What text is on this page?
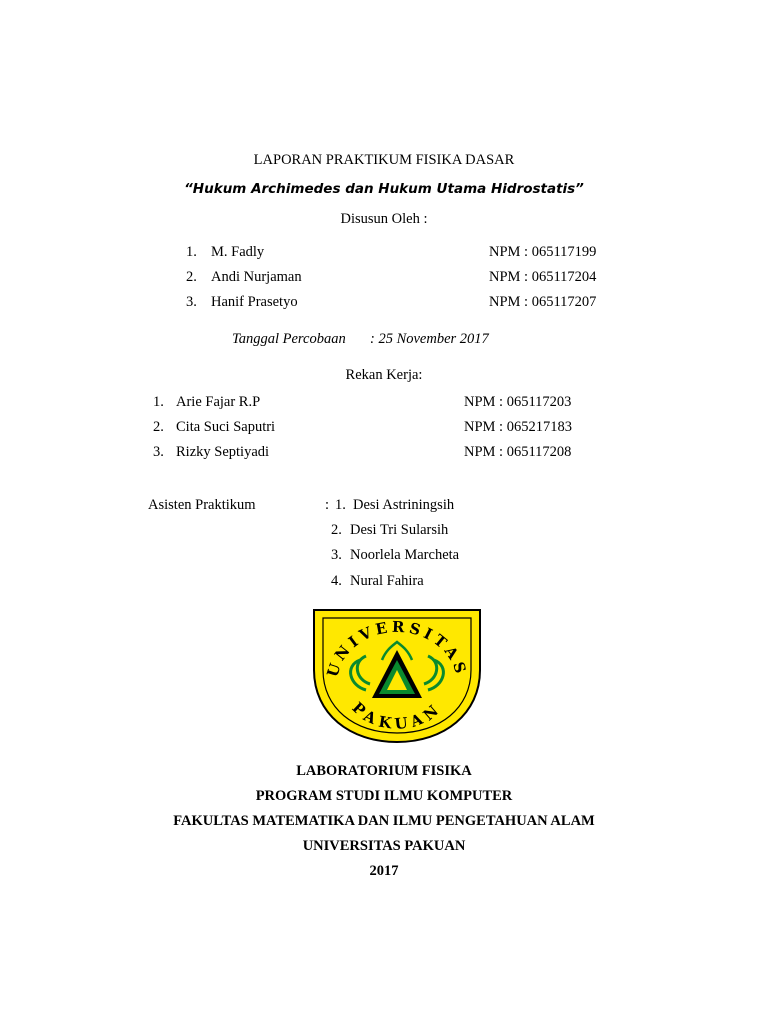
LAPORAN PRAKTIKUM FISIKA DASAR
“Hukum Archimedes dan Hukum Utama Hidrostatis”
Disusun Oleh :
1. M. Fadly	NPM : 065117199
2. Andi Nurjaman	NPM : 065117204
3. Hanif Prasetyo	NPM : 065117207
Tanggal Percobaan : 25 November 2017
Rekan Kerja:
1. Arie Fajar R.P	NPM : 065117203
2. Cita Suci Saputri	NPM : 065217183
3. Rizky Septiyadi	NPM : 065117208
Asisten Praktikum	: 1. Desi Astriningsih
2. Desi Tri Sularsih
3. Noorlela Marcheta
4. Nural Fahira
UNIVERSITAS
PAKUAN
LABORATORIUM FISIKA
PROGRAM STUDI ILMU KOMPUTER
FAKULTAS MATEMATIKA DAN ILMU PENGETAHUAN ALAM
UNIVERSITAS PAKUAN
2017
